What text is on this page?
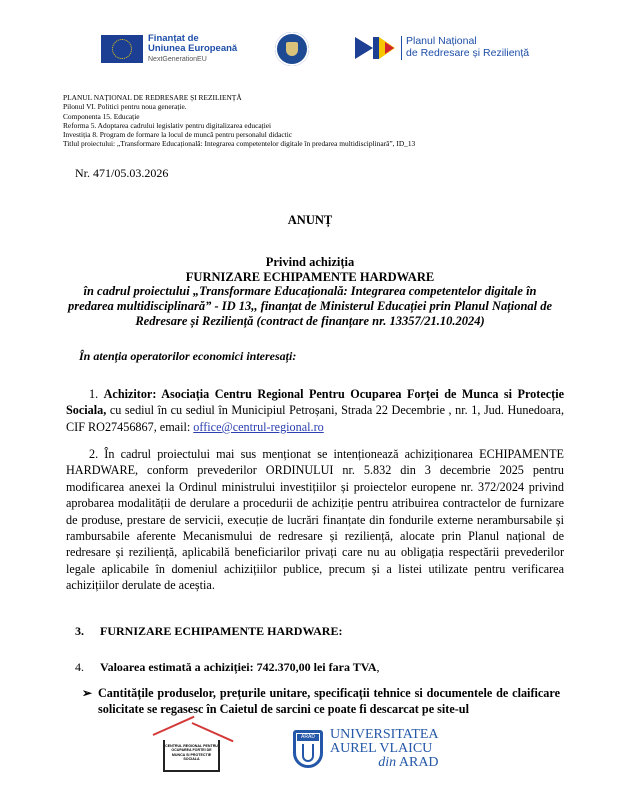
Finanțat de
Uniunea Europeană
NextGenerationEU
Planul Național
de Redresare și Reziliență
PLANUL NAȚIONAL DE REDRESARE ȘI REZILIENȚĂ
Pilonul VI. Politici pentru noua generație.
Componenta 15. Educație
Reforma 5. Adoptarea cadrului legislativ pentru digitalizarea educației
Investiția 8. Program de formare la locul de muncă pentru personalul didactic
Titlul proiectului: „Transformare Educațională: Integrarea competentelor digitale în predarea multidisciplinară”, ID_13
Nr. 471/05.03.2026
ANUNȚ
Privind achiziția
FURNIZARE ECHIPAMENTE HARDWARE
în cadrul proiectului „Transformare Educațională: Integrarea competentelor digitale în predarea multidisciplinară” - ID 13,, finanțat de Ministerul Educației prin Planul Național de Redresare și Reziliență (contract de finanțare nr. 13357/21.10.2024)
În atenția operatorilor economici interesați:
1. Achizitor: Asociația Centru Regional Pentru Ocuparea Forței de Munca si Protecție Sociala, cu sediul în cu sediul în Municipiul Petroșani, Strada 22 Decembrie , nr. 1, Jud. Hunedoara, CIF RO27456867, email: office@centrul-regional.ro
2. În cadrul proiectului mai sus menționat se intenționează achiziționarea ECHIPAMENTE HARDWARE, conform prevederilor ORDINULUI nr. 5.832 din 3 decembrie 2025 pentru modificarea anexei la Ordinul ministrului investițiilor și proiectelor europene nr. 372/2024 privind aprobarea modalității de derulare a procedurii de achiziție pentru atribuirea contractelor de furnizare de produse, prestare de servicii, execuție de lucrări finanțate din fondurile externe nerambursabile și rambursabile aferente Mecanismului de redresare și reziliență, alocate prin Planul național de redresare și reziliență, aplicabilă beneficiarilor privați care nu au obligația respectării prevederilor legale aplicabile în domeniul achizițiilor publice, precum și a listei utilizate pentru verificarea achizițiilor derulate de aceștia.
3. FURNIZARE ECHIPAMENTE HARDWARE:
4. Valoarea estimată a achiziției: 742.370,00 lei fara TVA,
➢ Cantitățile produselor, prețurile unitare, specificații tehnice si documentele de claificare solicitate se regasesc în Caietul de sarcini ce poate fi descarcat pe site-ul
CENTRUL REGIONAL PENTRU OCUPAREA FORTEI DE MUNCA SI PROTECTIE SOCIALA
ARAD UNIVERSITATEA
AUREL VLAICU
din ARAD
